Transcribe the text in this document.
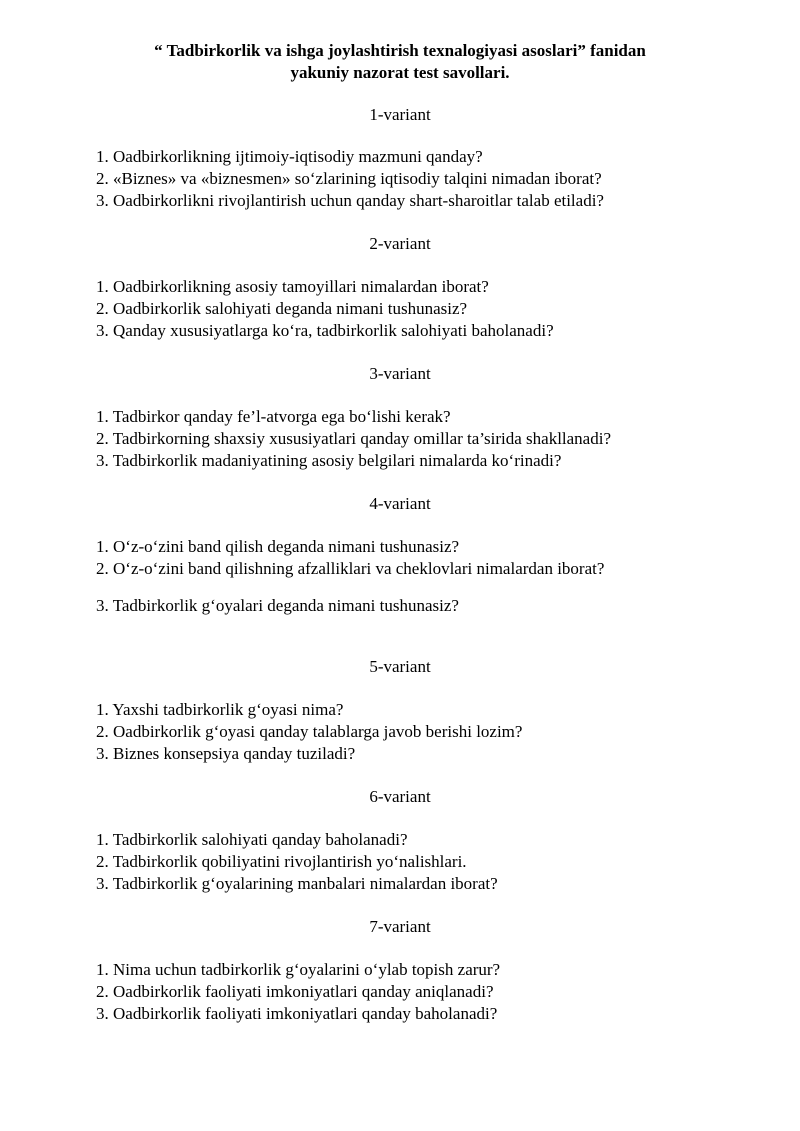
“ Tadbirkorlik va ishga joylashtirish texnalogiyasi asoslari” fanidan
yakuniy nazorat test savollari.
1-variant
1. Oadbirkorlikning ijtimoiy-iqtisodiy mazmuni qanday?
2. «Biznes» va «biznesmen» so‘zlarining iqtisodiy talqini nimadan iborat?
3. Oadbirkorlikni rivojlantirish uchun qanday shart-sharoitlar talab etiladi?
2-variant
1. Oadbirkorlikning asosiy tamoyillari nimalardan iborat?
2. Oadbirkorlik salohiyati deganda nimani tushunasiz?
3. Qanday xususiyatlarga ko‘ra, tadbirkorlik salohiyati baholanadi?
3-variant
1. Tadbirkor qanday fe’l-atvorga ega bo‘lishi kerak?
2. Tadbirkorning shaxsiy xususiyatlari qanday omillar ta’sirida shakllanadi?
3. Tadbirkorlik madaniyatining asosiy belgilari nimalarda ko‘rinadi?
4-variant
1. O‘z-o‘zini band qilish deganda nimani tushunasiz?
2. O‘z-o‘zini band qilishning afzalliklari va cheklovlari nimalardan iborat?
3. Tadbirkorlik g‘oyalari deganda nimani tushunasiz?
5-variant
1. Yaxshi tadbirkorlik g‘oyasi nima?
2. Oadbirkorlik g‘oyasi qanday talablarga javob berishi lozim?
3. Biznes konsepsiya qanday tuziladi?
6-variant
1. Tadbirkorlik salohiyati qanday baholanadi?
2. Tadbirkorlik qobiliyatini rivojlantirish yo‘nalishlari.
3. Tadbirkorlik g‘oyalarining manbalari nimalardan iborat?
7-variant
1. Nima uchun tadbirkorlik g‘oyalarini o‘ylab topish zarur?
2. Oadbirkorlik faoliyati imkoniyatlari qanday aniqlanadi?
3. Oadbirkorlik faoliyati imkoniyatlari qanday baholanadi?
